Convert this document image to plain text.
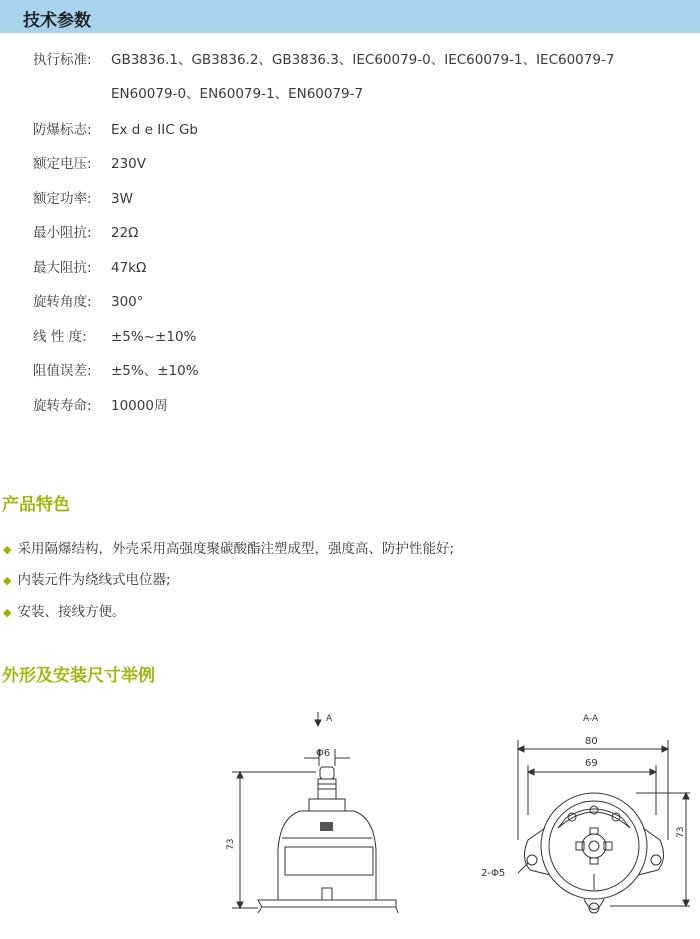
技术参数
执行标准: GB3836.1、GB3836.2、GB3836.3、IEC60079-0、IEC60079-1、IEC60079-7
EN60079-0、EN60079-1、EN60079-7
防爆标志: Ex d e IIC Gb
额定电压: 230V
额定功率: 3W
最小阻抗: 22Ω
最大阻抗: 47kΩ
旋转角度: 300°
线 性 度: ±5%~±10%
阻值误差: ±5%、±10%
旋转寿命: 10000周
产品特色
◆ 采用隔爆结构，外壳采用高强度聚碳酸酯注塑成型，强度高、防护性能好;
◆ 内装元件为绕线式电位器;
◆ 安装、接线方便。
外形及安装尺寸举例
A
Φ6
73
A-A
80
69
2-Φ5
73
